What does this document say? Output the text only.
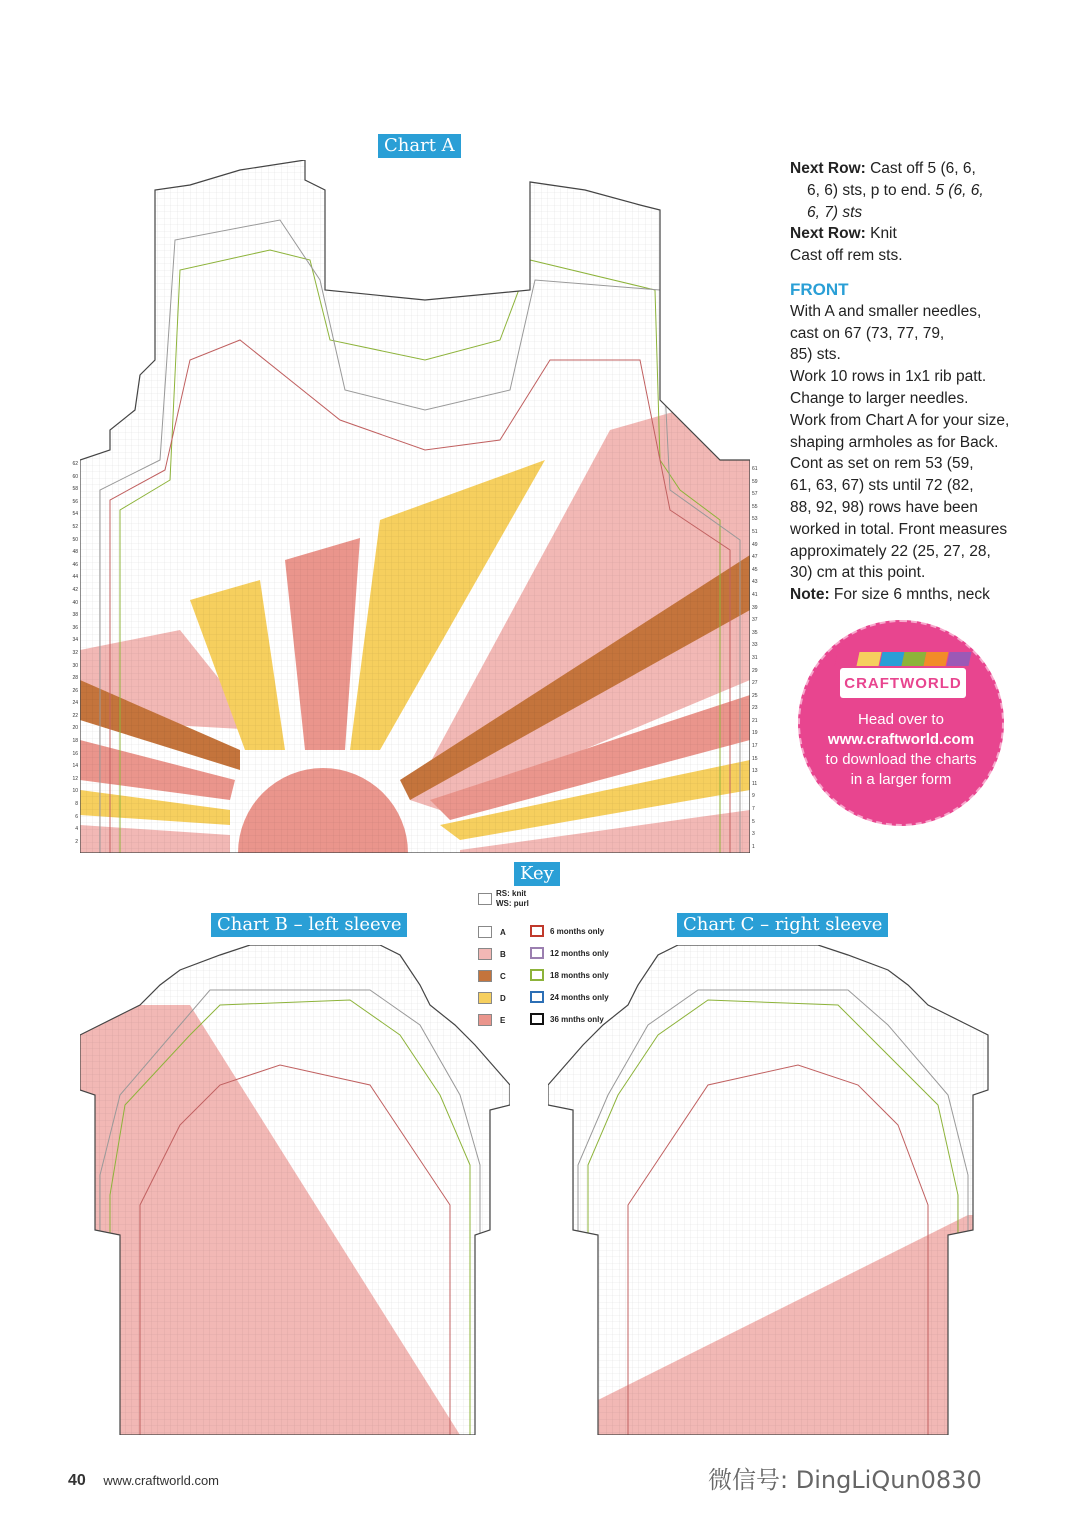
Chart A
62
60
58
56
54
52
50
48
46
44
42
40
38
36
34
32
30
28
26
24
22
20
18
16
14
12
10
8
6
4
2
61
59
57
55
53
51
49
47
45
43
41
39
37
35
33
31
29
27
25
23
21
19
17
15
13
11
9
7
5
3
1
Key
RS: knit
WS: purl
A
B
C
D
E
6 months only
12 months only
18 months only
24 months only
36 mnths only
Chart B – left sleeve	Chart C – right sleeve

Next Row: Cast off 5 (6, 6,

6, 6) sts, p to end. 5 (6, 6,

6, 7) sts

Next Row: Knit

Cast off rem sts.

FRONT

With A and smaller needles,

cast on 67 (73, 77, 79,

85) sts.

Work 10 rows in 1x1 rib patt.

Change to larger needles.

Work from Chart A for your size,

shaping armholes as for Back.

Cont as set on rem 53 (59,

61, 63, 67) sts until 72 (82,

88, 92, 98) rows have been

worked in total. Front measures

approximately 22 (25, 27, 28,

30) cm at this point.

Note: For size 6 mnths, neck

CRAFTWORLD
Head over to
www.craftworld.com
to download the charts
in a larger form
40 www.craftworld.com	微信号: DingLiQun0830
